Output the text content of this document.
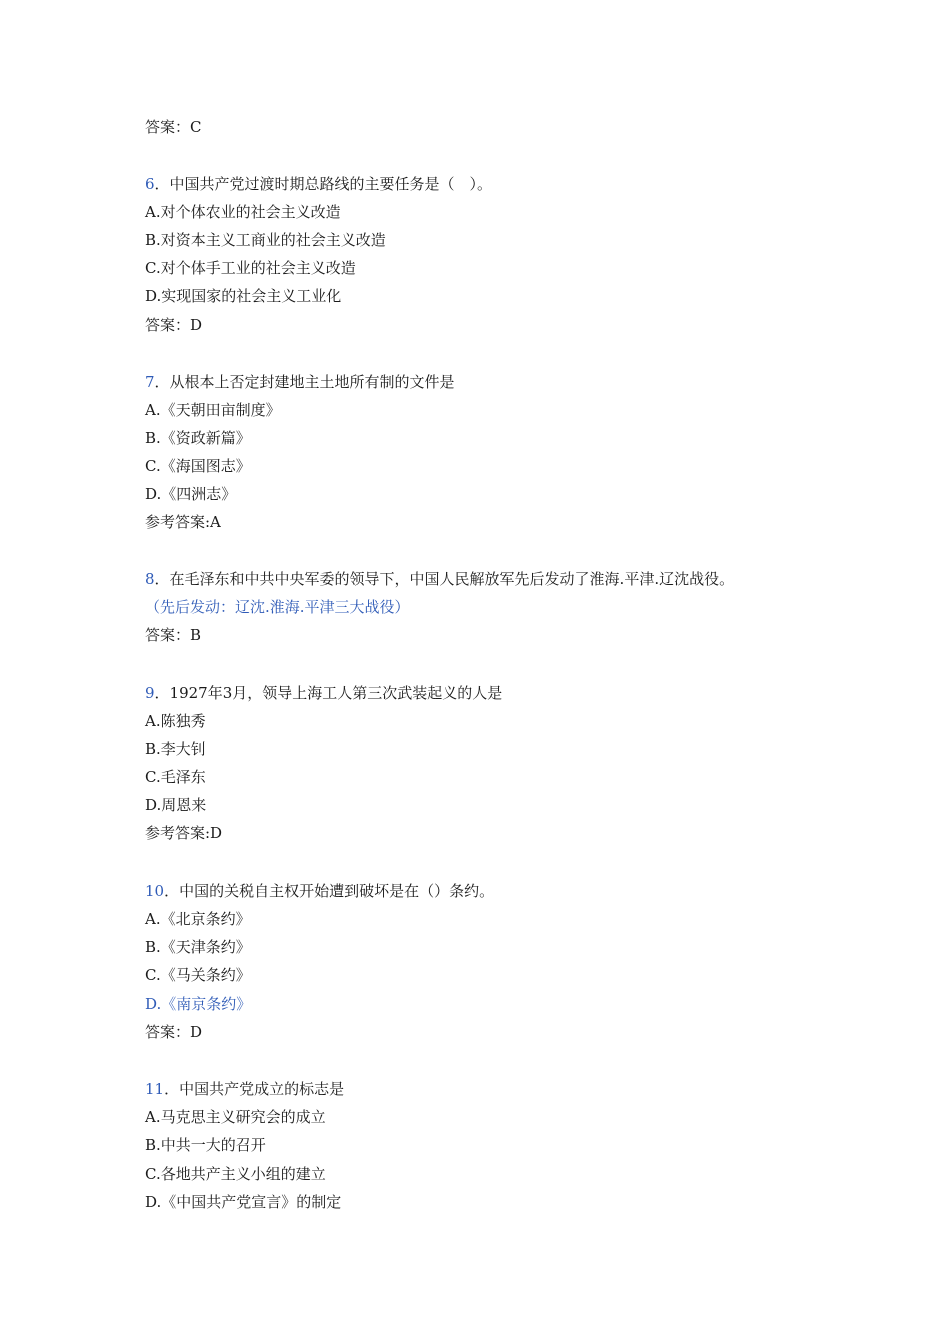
答案：C
6．中国共产党过渡时期总路线的主要任务是（　）。
A.对个体农业的社会主义改造
B.对资本主义工商业的社会主义改造
C.对个体手工业的社会主义改造
D.实现国家的社会主义工业化
答案：D
7．从根本上否定封建地主土地所有制的文件是
A.《天朝田亩制度》
B.《资政新篇》
C.《海国图志》
D.《四洲志》
参考答案:A
8．在毛泽东和中共中央军委的领导下，中国人民解放军先后发动了淮海.平津.辽沈战役。
（先后发动：辽沈.淮海.平津三大战役）
答案：B
9．1927年3月，领导上海工人第三次武装起义的人是
A.陈独秀
B.李大钊
C.毛泽东
D.周恩来
参考答案:D
10．中国的关税自主权开始遭到破坏是在（）条约。
A.《北京条约》
B.《天津条约》
C.《马关条约》
D.《南京条约》
答案：D
11．中国共产党成立的标志是
A.马克思主义研究会的成立
B.中共一大的召开
C.各地共产主义小组的建立
D.《中国共产党宣言》的制定
